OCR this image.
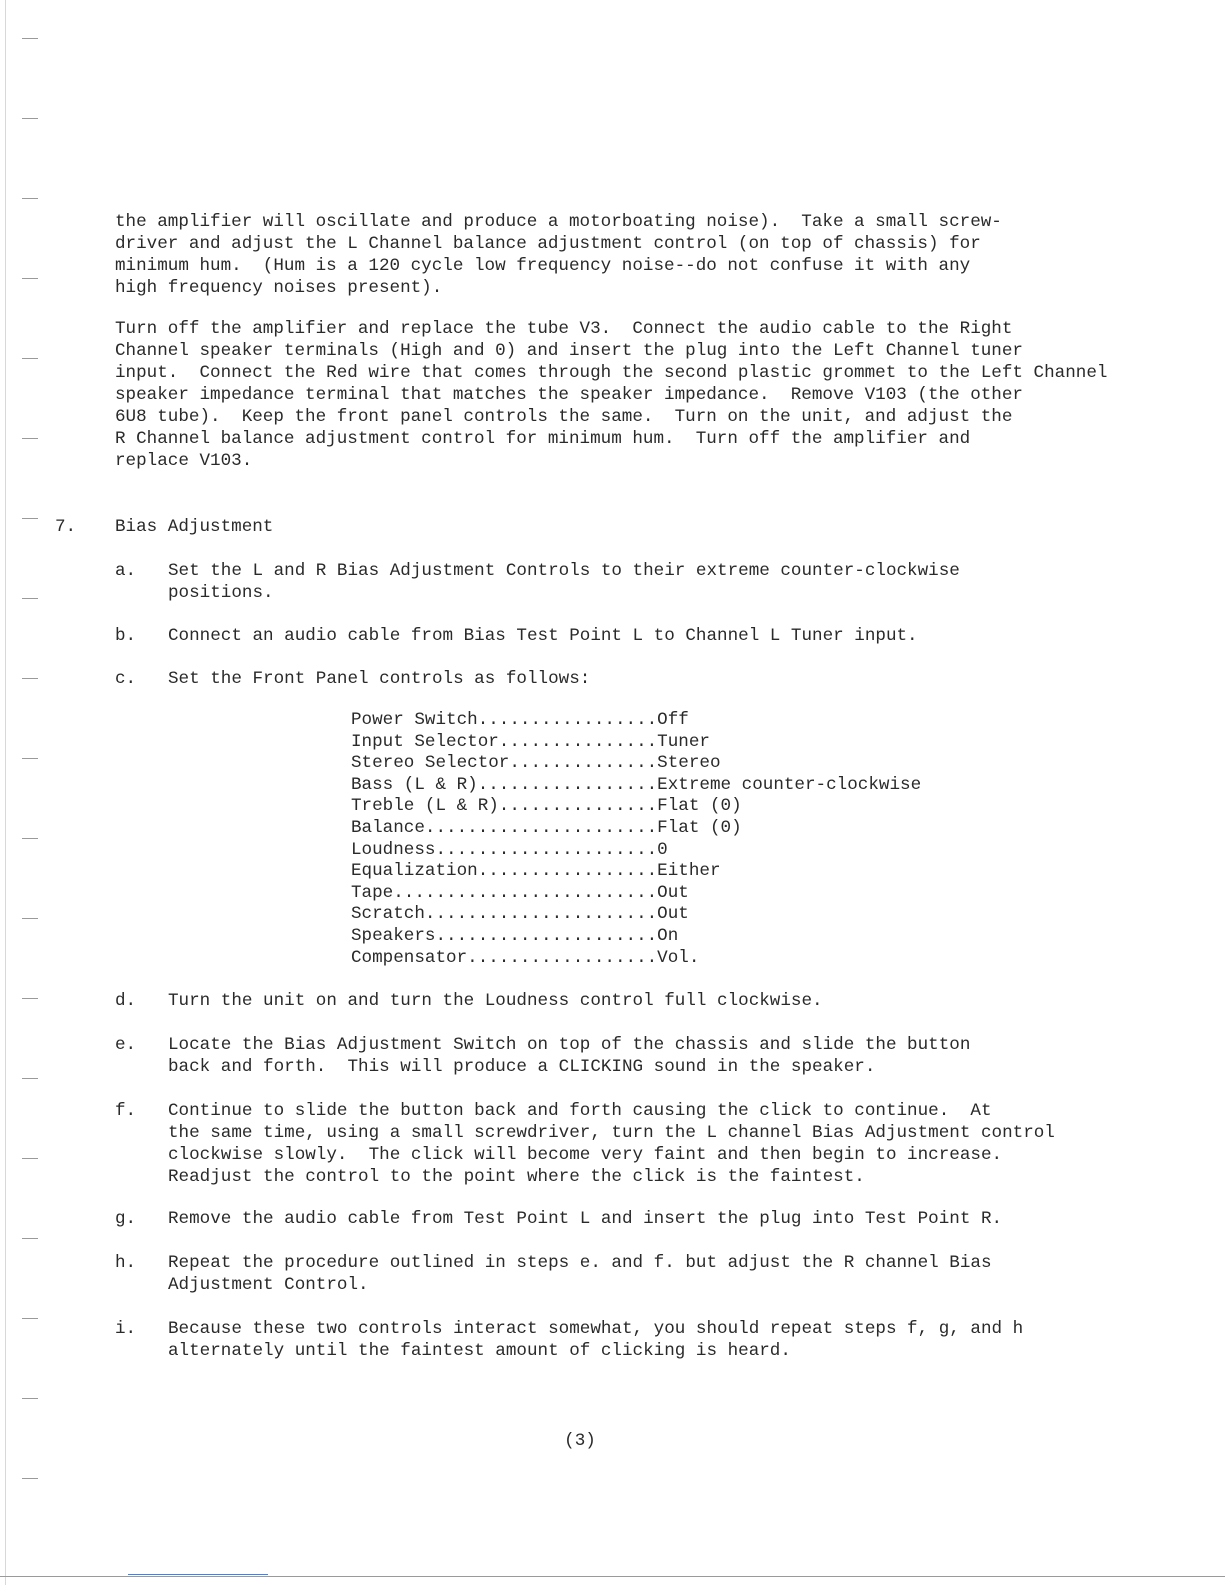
the amplifier will oscillate and produce a motorboating noise).  Take a small screw-
driver and adjust the L Channel balance adjustment control (on top of chassis) for
minimum hum.  (Hum is a 120 cycle low frequency noise--do not confuse it with any
high frequency noises present).
Turn off the amplifier and replace the tube V3.  Connect the audio cable to the Right
Channel speaker terminals (High and 0) and insert the plug into the Left Channel tuner
input.  Connect the Red wire that comes through the second plastic grommet to the Left Channel
speaker impedance terminal that matches the speaker impedance.  Remove V103 (the other
6U8 tube).  Keep the front panel controls the same.  Turn on the unit, and adjust the
R Channel balance adjustment control for minimum hum.  Turn off the amplifier and
replace V103.
7. Bias Adjustment
a. Set the L and R Bias Adjustment Controls to their extreme counter-clockwise
positions.
b. Connect an audio cable from Bias Test Point L to Channel L Tuner input.
c. Set the Front Panel controls as follows:
Power Switch.................Off
Input Selector...............Tuner
Stereo Selector..............Stereo
Bass (L & R).................Extreme counter-clockwise
Treble (L & R)...............Flat (0)
Balance......................Flat (0)
Loudness.....................0
Equalization.................Either
Tape.........................Out
Scratch......................Out
Speakers.....................On
Compensator..................Vol.
d. Turn the unit on and turn the Loudness control full clockwise.
e. Locate the Bias Adjustment Switch on top of the chassis and slide the button
back and forth.  This will produce a CLICKING sound in the speaker.
f. Continue to slide the button back and forth causing the click to continue.  At
the same time, using a small screwdriver, turn the L channel Bias Adjustment control
clockwise slowly.  The click will become very faint and then begin to increase.
Readjust the control to the point where the click is the faintest.
g. Remove the audio cable from Test Point L and insert the plug into Test Point R.
h. Repeat the procedure outlined in steps e. and f. but adjust the R channel Bias
Adjustment Control.
i. Because these two controls interact somewhat, you should repeat steps f, g, and h
alternately until the faintest amount of clicking is heard.
(3)
